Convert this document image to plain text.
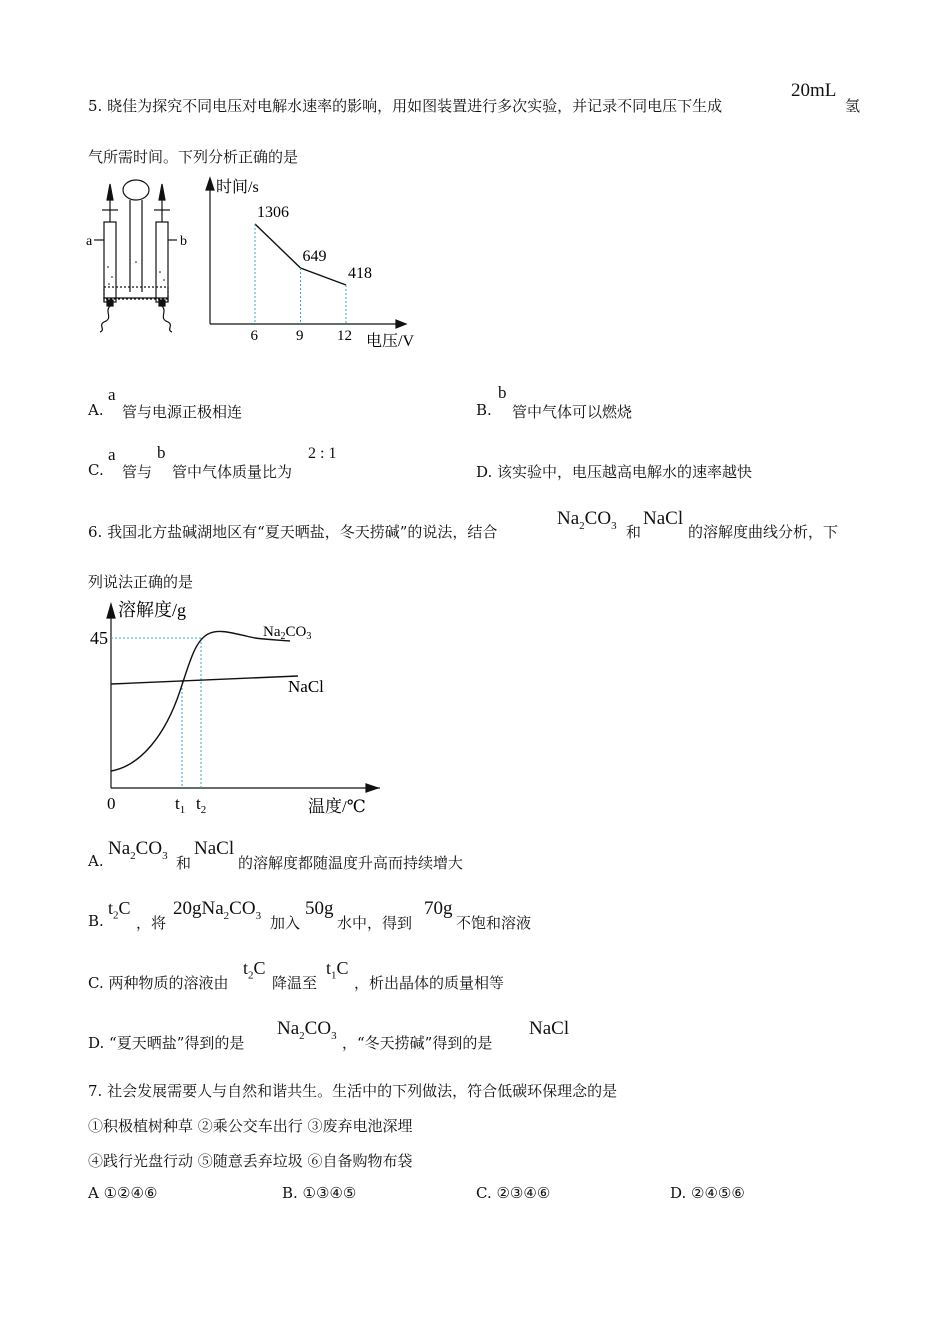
5. 晓佳为探究不同电压对电解水速率的影响，用如图装置进行多次实验，并记录不同电压下生成
20mL
氢
气所需时间。下列分析正确的是
a	b
时间/s
电压/V
6
1306
9
649
12
418
A.
a
管与电源正极相连	B.
b
管中气体可以燃烧
C.
a
管与
b
管中气体质量比为
2 : 1
D. 该实验中，电压越高电解水的速率越快
6. 我国北方盐碱湖地区有“夏天晒盐，冬天捞碱”的说法，结合
$Na_2CO_3$ 和
NaCl
的溶解度曲线分析，下
列说法正确的是
45
溶解度/g
0	$t_1$ $t_2$	温度/℃
$Na_2CO_3$
NaCl
A.
$Na_2CO_3$ 和
NaCl
的溶解度都随温度升高而持续增大
B.
$t_2C$
，将
$20gNa_2CO_3$ 加入
50g
水中，得到
70g
不饱和溶液
C. 两种物质的溶液由
$t_2C$
降温至
$t_1C$
，析出晶体的质量相等
D. “夏天晒盐”得到的是
$Na_2CO_3$ ，“冬天捞碱”得到的是
NaCl
7. 社会发展需要人与自然和谐共生。生活中的下列做法，符合低碳环保理念的是
①积极植树种草 ②乘公交车出行 ③废弃电池深埋
④践行光盘行动 ⑤随意丢弃垃圾 ⑥自备购物布袋
A ①②④⑥	B. ①③④⑤	C. ②③④⑥	D. ②④⑤⑥
